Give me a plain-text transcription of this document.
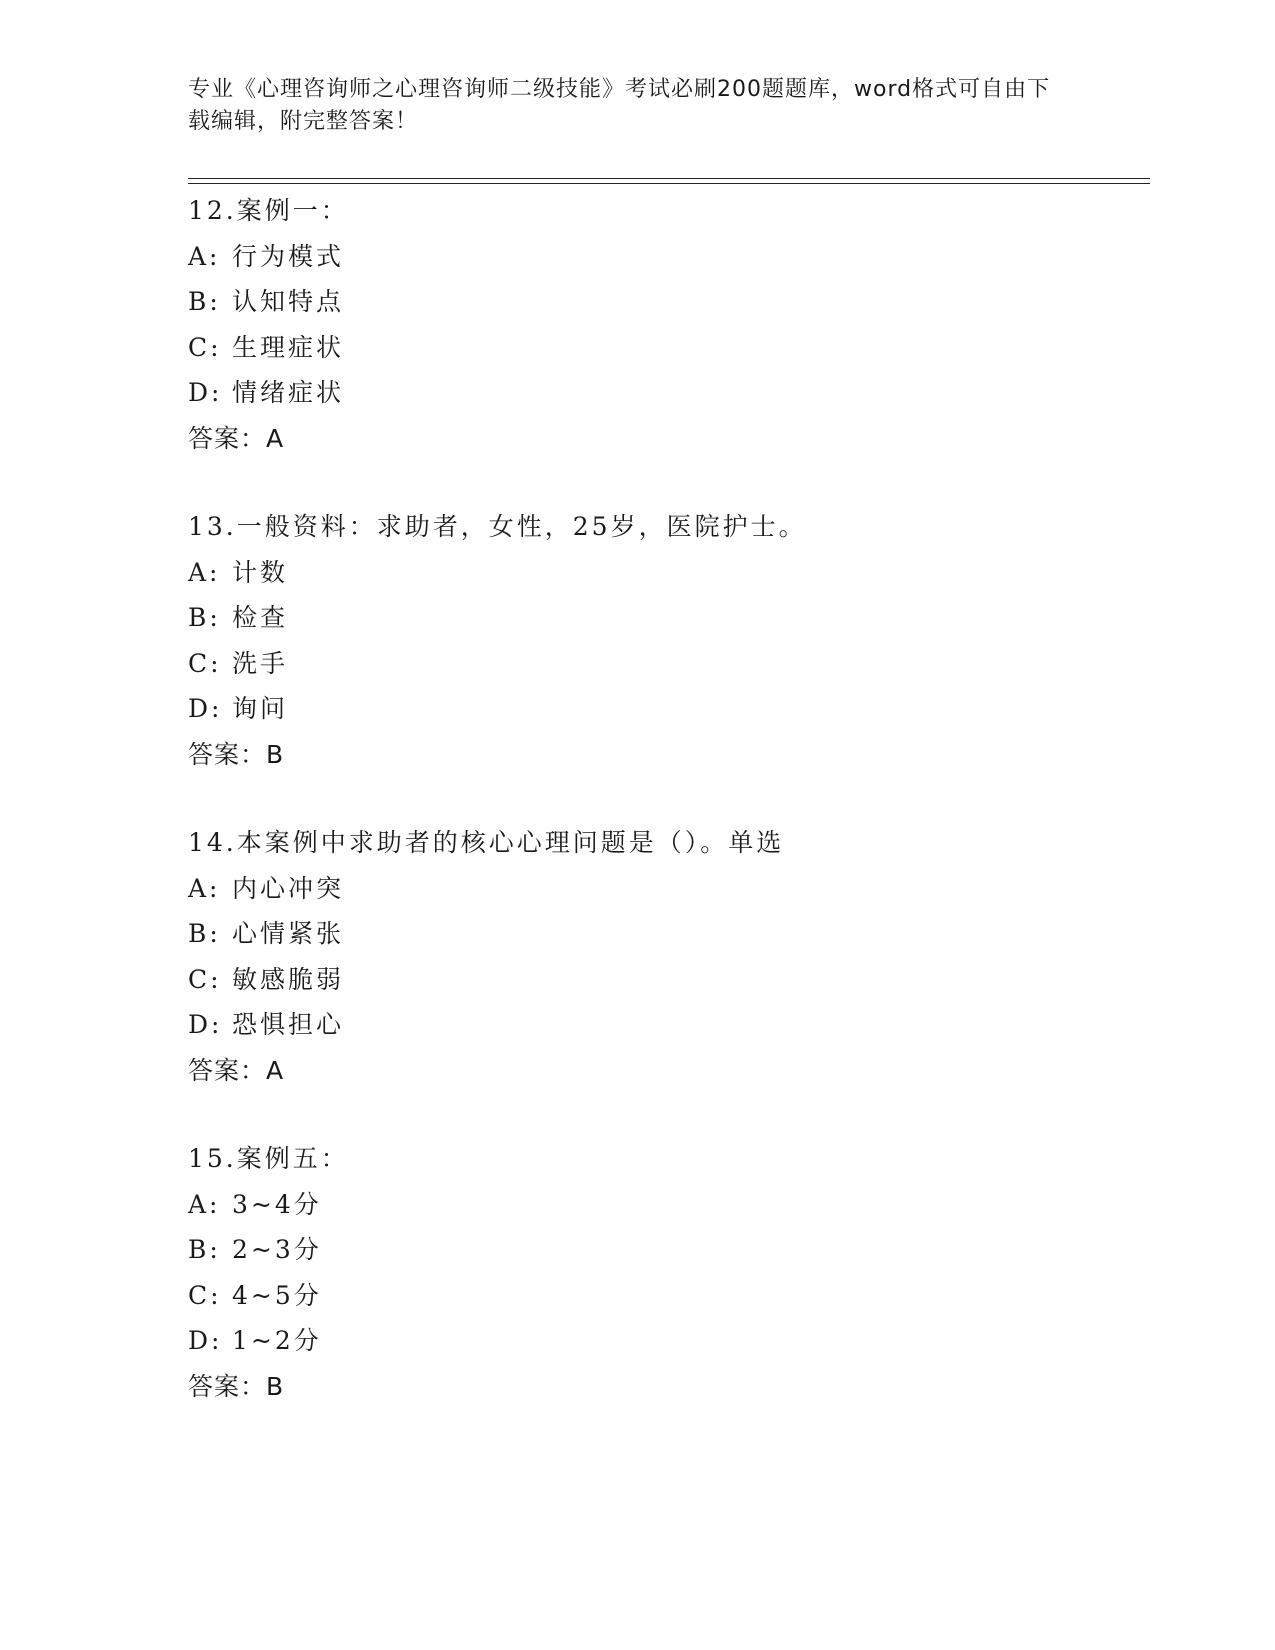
专业《心理咨询师之心理咨询师二级技能》考试必刷200题题库，word格式可自由下载编辑，附完整答案！
12.案例一：
A: 行为模式
B: 认知特点
C: 生理症状
D: 情绪症状
答案：A
13.一般资料：求助者，女性，25岁，医院护士。
A: 计数
B: 检查
C: 洗手
D: 询问
答案：B
14.本案例中求助者的核心心理问题是（）。单选
A: 内心冲突
B: 心情紧张
C: 敏感脆弱
D: 恐惧担心
答案：A
15.案例五：
A: 3~4分
B: 2~3分
C: 4~5分
D: 1~2分
答案：B
